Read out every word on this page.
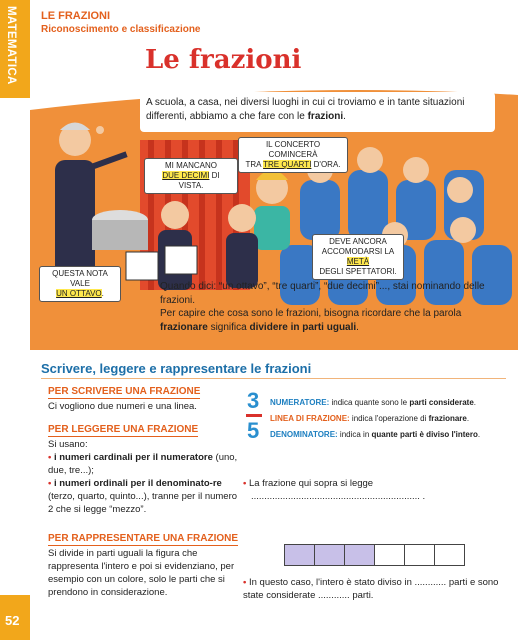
MATEMATICA
52
LE FRAZIONI
Riconoscimento e classificazione
Le frazioni
A scuola, a casa, nei diversi luoghi in cui ci troviamo e in tante situazioni differenti, abbiamo a che fare con le frazioni.
IL CONCERTO COMINCERÀ
TRA TRE QUARTI D'ORA.
MI MANCANO
DUE DECIMI DI VISTA.
DEVE ANCORA
ACCOMODARSI LA METÀ
DEGLI SPETTATORI.
QUESTA NOTA VALE
UN OTTAVO.
Quando dici: “un ottavo”, “tre quarti”, “due decimi”..., stai nominando delle frazioni.
Per capire che cosa sono le frazioni, bisogna ricordare che la parola frazionare significa dividere in parti uguali.
Scrivere, leggere e rappresentare le frazioni
PER SCRIVERE UNA FRAZIONE
Ci vogliono due numeri e una linea.
PER LEGGERE UNA FRAZIONE
Si usano:
• i numeri cardinali per il numeratore (uno, due, tre...);
• i numeri ordinali per il denominato-re (terzo, quarto, quinto...), tranne per il numero 2 che si legge “mezzo”.
PER RAPPRESENTARE UNA FRAZIONE
Si divide in parti uguali la figura che rappresenta l'intero e poi si evidenziano, per esempio con un colore, solo le parti che si prendono in considerazione.
3
5
NUMERATORE: indica quante sono le parti considerate.
LINEA DI FRAZIONE: indica l'operazione di frazionare.
DENOMINATORE: indica in quante parti è diviso l'intero.
• La frazione qui sopra si legge
................................................................ .
• In questo caso, l'intero è stato diviso in ............ parti e sono state considerate ............ parti.
